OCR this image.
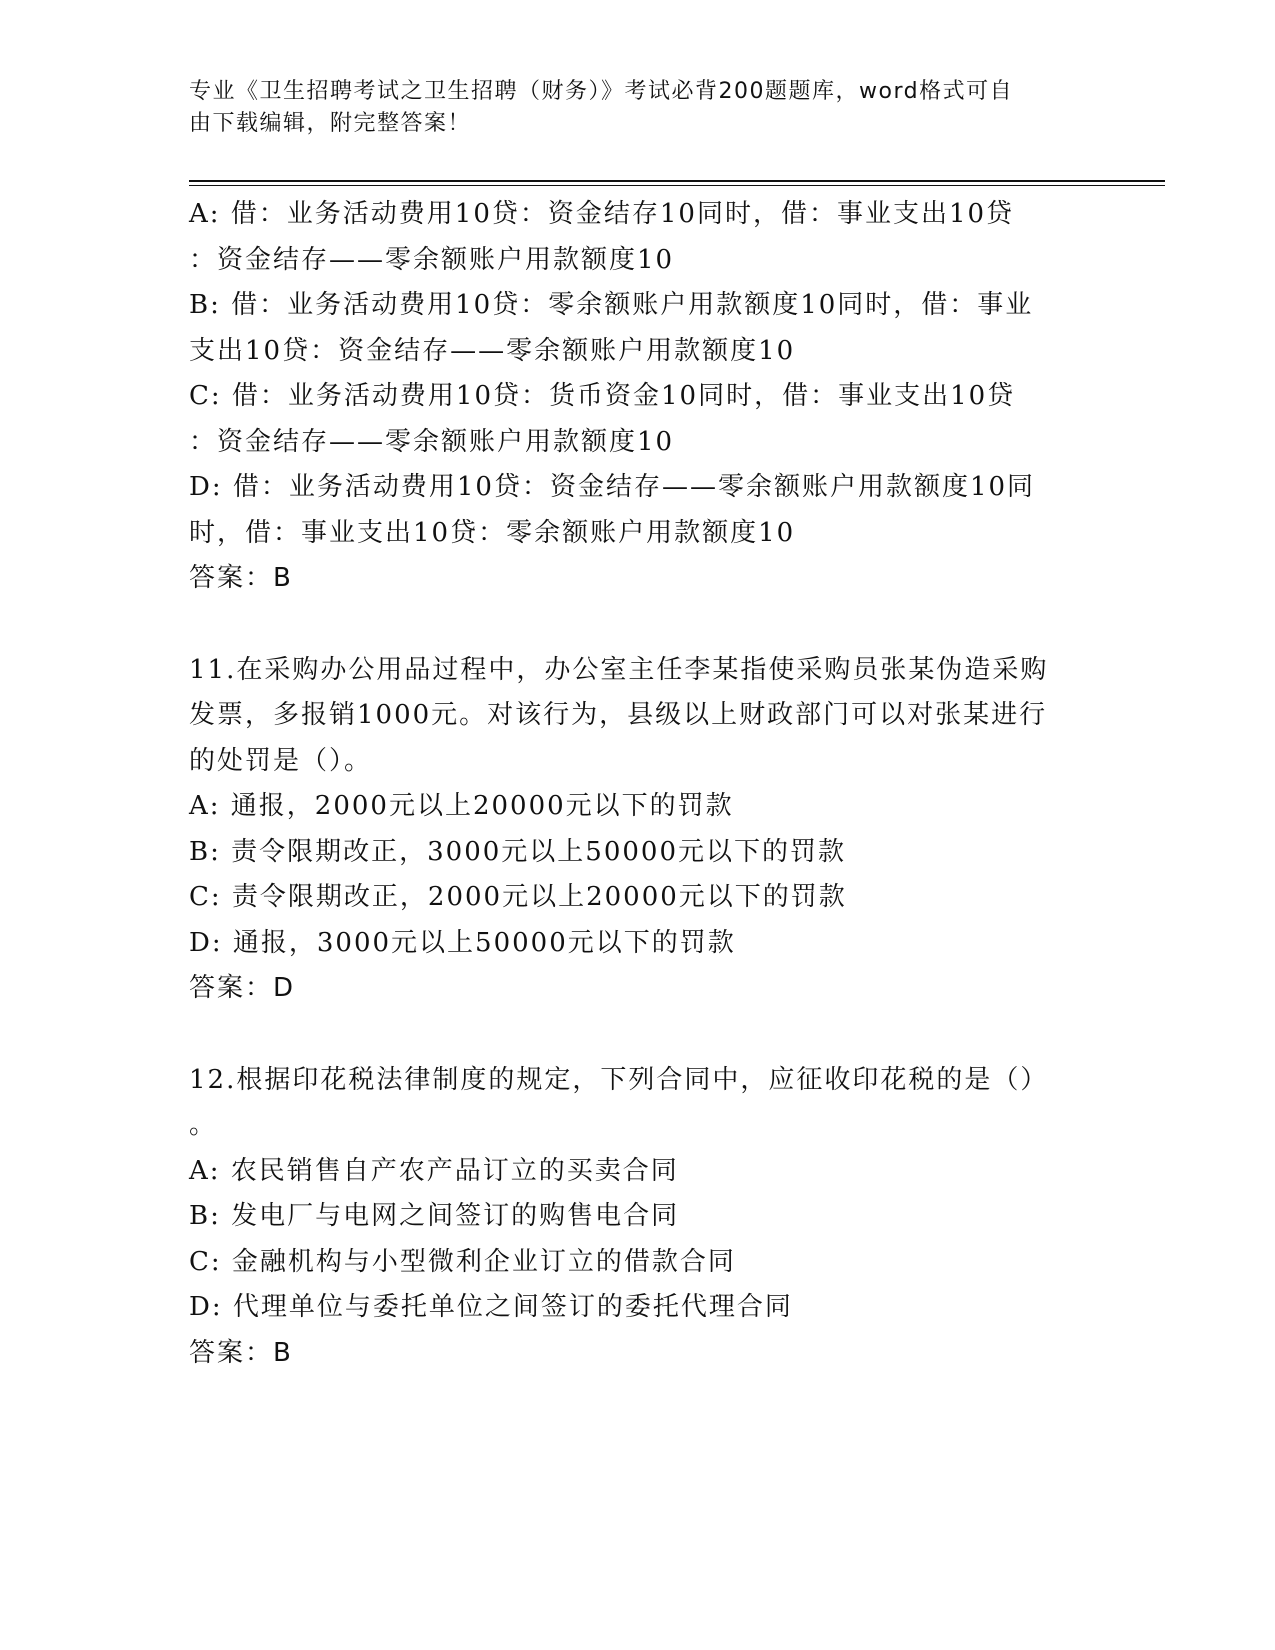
专业《卫生招聘考试之卫生招聘（财务）》考试必背200题题库，word格式可自
由下载编辑，附完整答案！
A: 借：业务活动费用10贷：资金结存10同时，借：事业支出10贷
：资金结存——零余额账户用款额度10
B: 借：业务活动费用10贷：零余额账户用款额度10同时，借：事业
支出10贷：资金结存——零余额账户用款额度10
C: 借：业务活动费用10贷：货币资金10同时，借：事业支出10贷
：资金结存——零余额账户用款额度10
D: 借：业务活动费用10贷：资金结存——零余额账户用款额度10同
时，借：事业支出10贷：零余额账户用款额度10
答案：B
11.在采购办公用品过程中，办公室主任李某指使采购员张某伪造采购
发票，多报销1000元。对该行为，县级以上财政部门可以对张某进行
的处罚是（）。
A: 通报，2000元以上20000元以下的罚款
B: 责令限期改正，3000元以上50000元以下的罚款
C: 责令限期改正，2000元以上20000元以下的罚款
D: 通报，3000元以上50000元以下的罚款
答案：D
12.根据印花税法律制度的规定，下列合同中，应征收印花税的是（）
。
A: 农民销售自产农产品订立的买卖合同
B: 发电厂与电网之间签订的购售电合同
C: 金融机构与小型微利企业订立的借款合同
D: 代理单位与委托单位之间签订的委托代理合同
答案：B
